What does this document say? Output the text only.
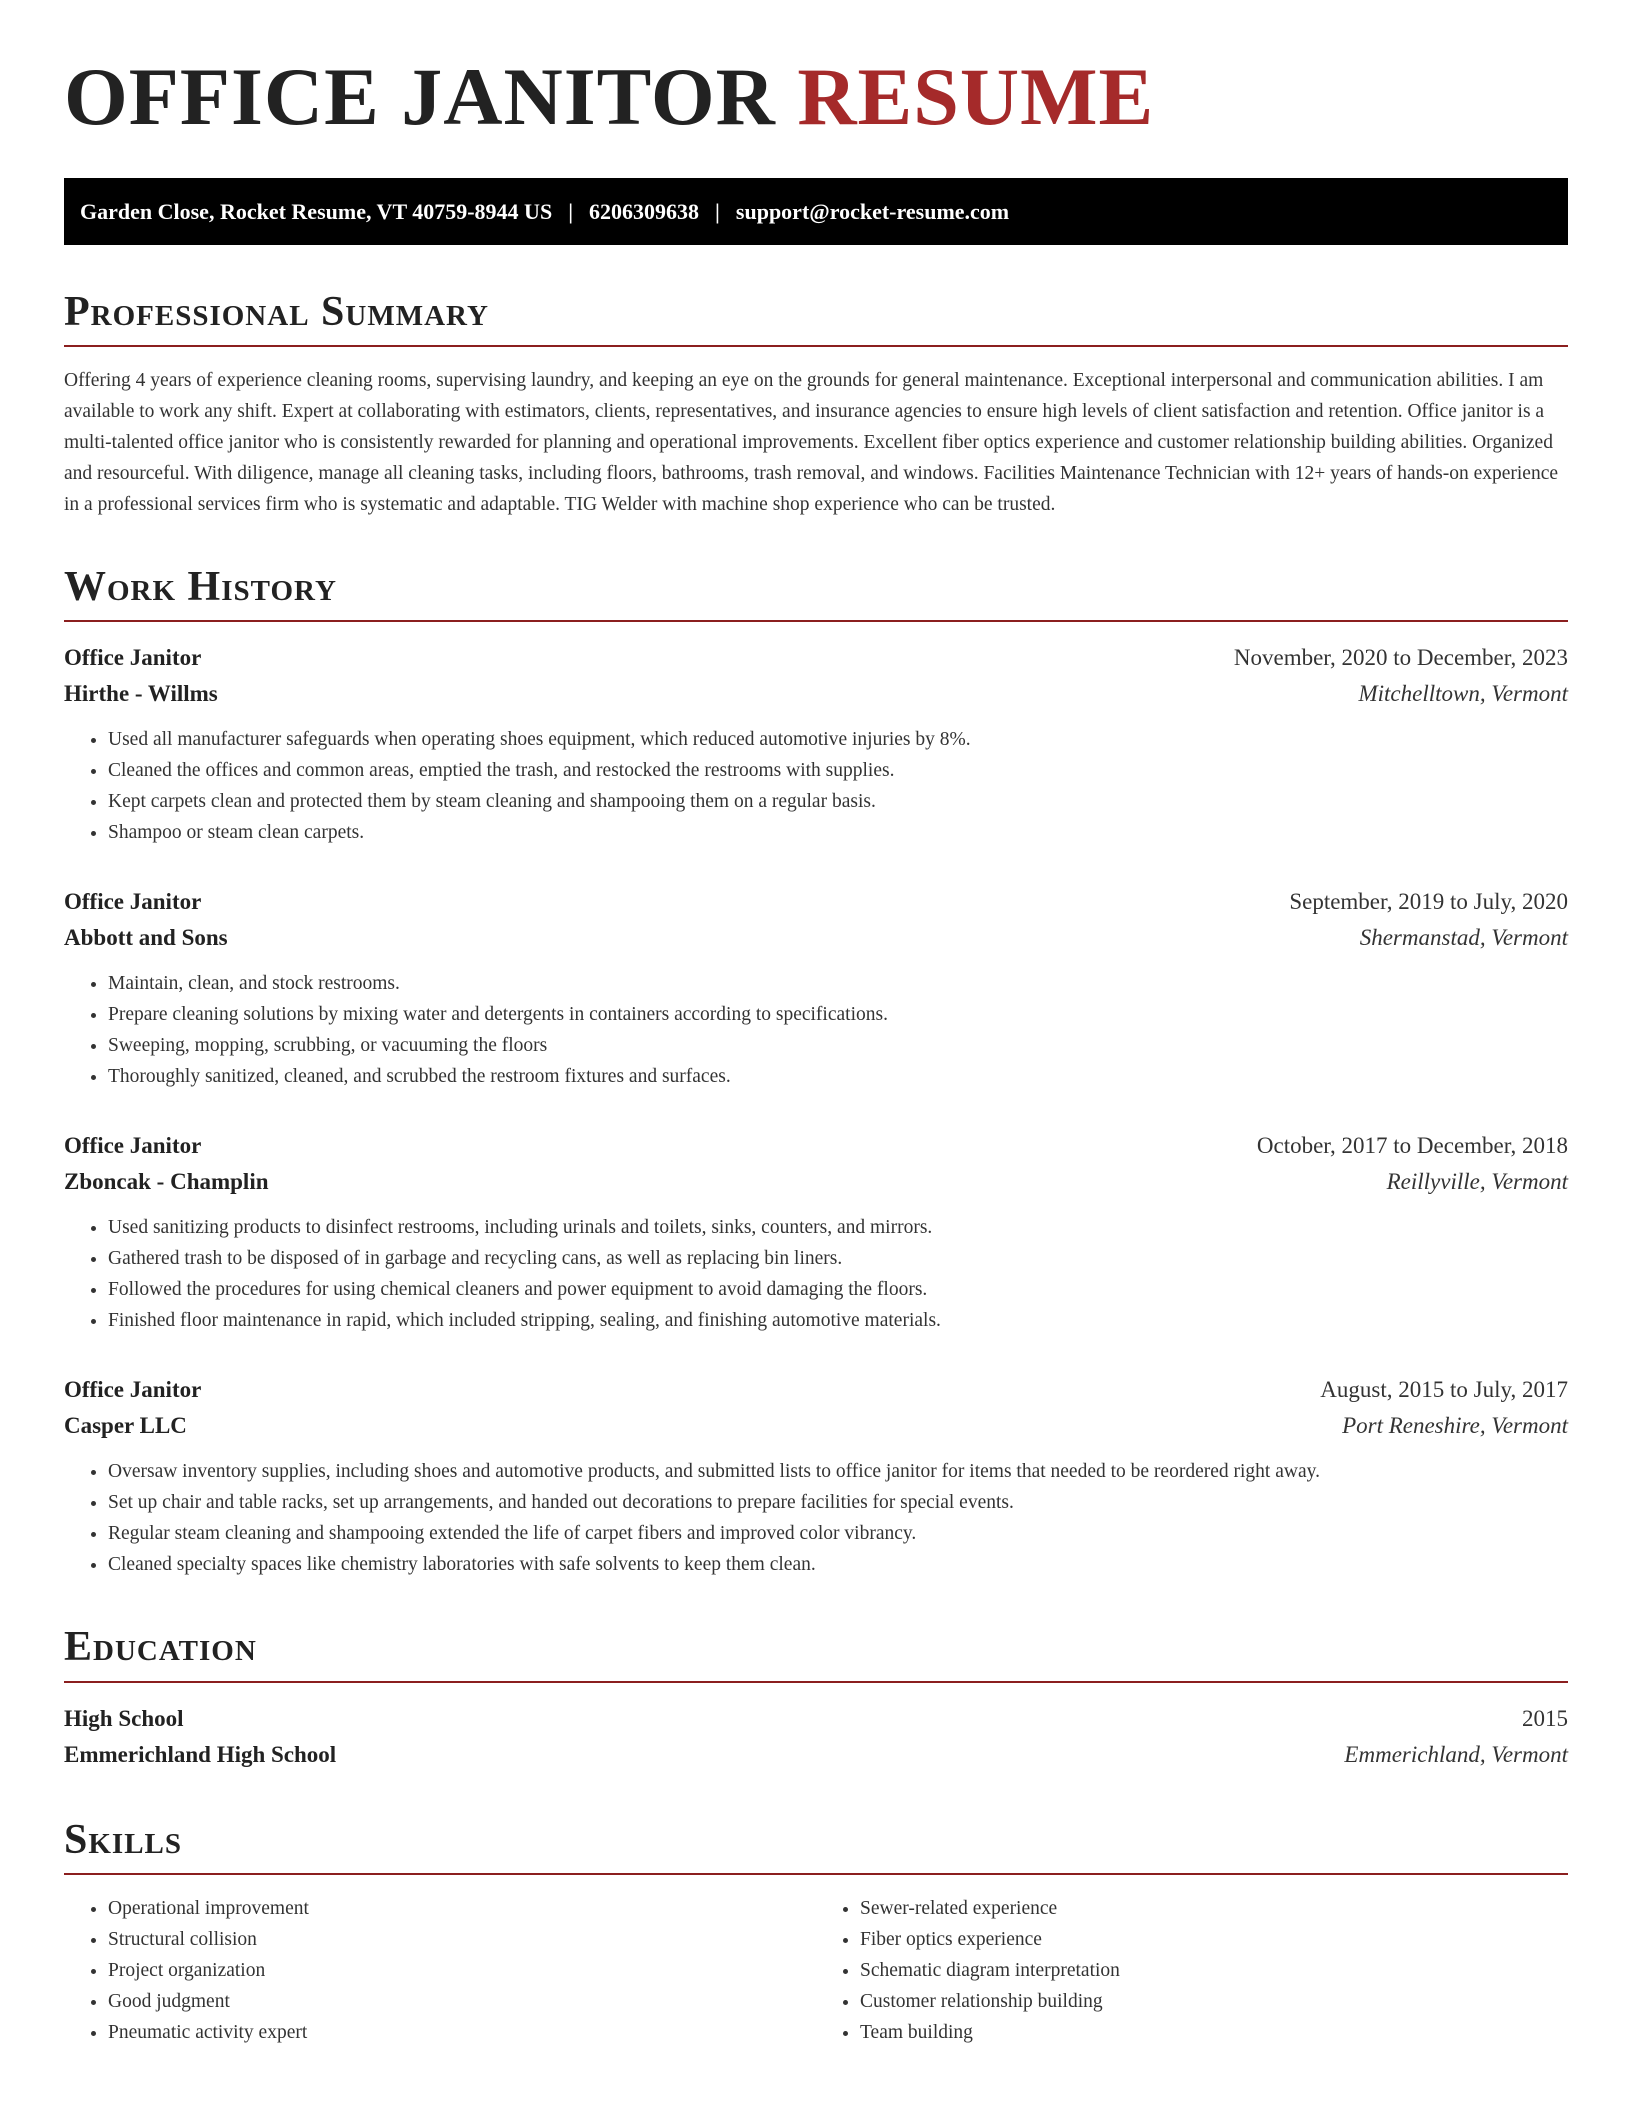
OFFICE JANITOR RESUME
Garden Close, Rocket Resume, VT 40759-8944 US | 6206309638 | support@rocket-resume.com
Professional Summary

Offering 4 years of experience cleaning rooms, supervising laundry, and keeping an eye on the grounds for general maintenance. Exceptional interpersonal and communication abilities. I am available to work any shift. Expert at collaborating with estimators, clients, representatives, and insurance agencies to ensure high levels of client satisfaction and retention. Office janitor is a multi-talented office janitor who is consistently rewarded for planning and operational improvements. Excellent fiber optics experience and customer relationship building abilities. Organized and resourceful. With diligence, manage all cleaning tasks, including floors, bathrooms, trash removal, and windows. Facilities Maintenance Technician with 12+ years of hands-on experience in a professional services firm who is systematic and adaptable. TIG Welder with machine shop experience who can be trusted.

Work History
Office Janitor	November, 2020 to December, 2023
Hirthe - Willms	Mitchelltown, Vermont
• Used all manufacturer safeguards when operating shoes equipment, which reduced automotive injuries by 8%.
• Cleaned the offices and common areas, emptied the trash, and restocked the restrooms with supplies.
• Kept carpets clean and protected them by steam cleaning and shampooing them on a regular basis.
• Shampoo or steam clean carpets.
Office Janitor	September, 2019 to July, 2020
Abbott and Sons	Shermanstad, Vermont
• Maintain, clean, and stock restrooms.
• Prepare cleaning solutions by mixing water and detergents in containers according to specifications.
• Sweeping, mopping, scrubbing, or vacuuming the floors
• Thoroughly sanitized, cleaned, and scrubbed the restroom fixtures and surfaces.
Office Janitor	October, 2017 to December, 2018
Zboncak - Champlin	Reillyville, Vermont
• Used sanitizing products to disinfect restrooms, including urinals and toilets, sinks, counters, and mirrors.
• Gathered trash to be disposed of in garbage and recycling cans, as well as replacing bin liners.
• Followed the procedures for using chemical cleaners and power equipment to avoid damaging the floors.
• Finished floor maintenance in rapid, which included stripping, sealing, and finishing automotive materials.
Office Janitor	August, 2015 to July, 2017
Casper LLC	Port Reneshire, Vermont
• Oversaw inventory supplies, including shoes and automotive products, and submitted lists to office janitor for items that needed to be reordered right away.
• Set up chair and table racks, set up arrangements, and handed out decorations to prepare facilities for special events.
• Regular steam cleaning and shampooing extended the life of carpet fibers and improved color vibrancy.
• Cleaned specialty spaces like chemistry laboratories with safe solvents to keep them clean.
Education
High School	2015
Emmerichland High School	Emmerichland, Vermont
Skills
• Operational improvement
• Structural collision
• Project organization
• Good judgment
• Pneumatic activity expert
• Sewer-related experience
• Fiber optics experience
• Schematic diagram interpretation
• Customer relationship building
• Team building
